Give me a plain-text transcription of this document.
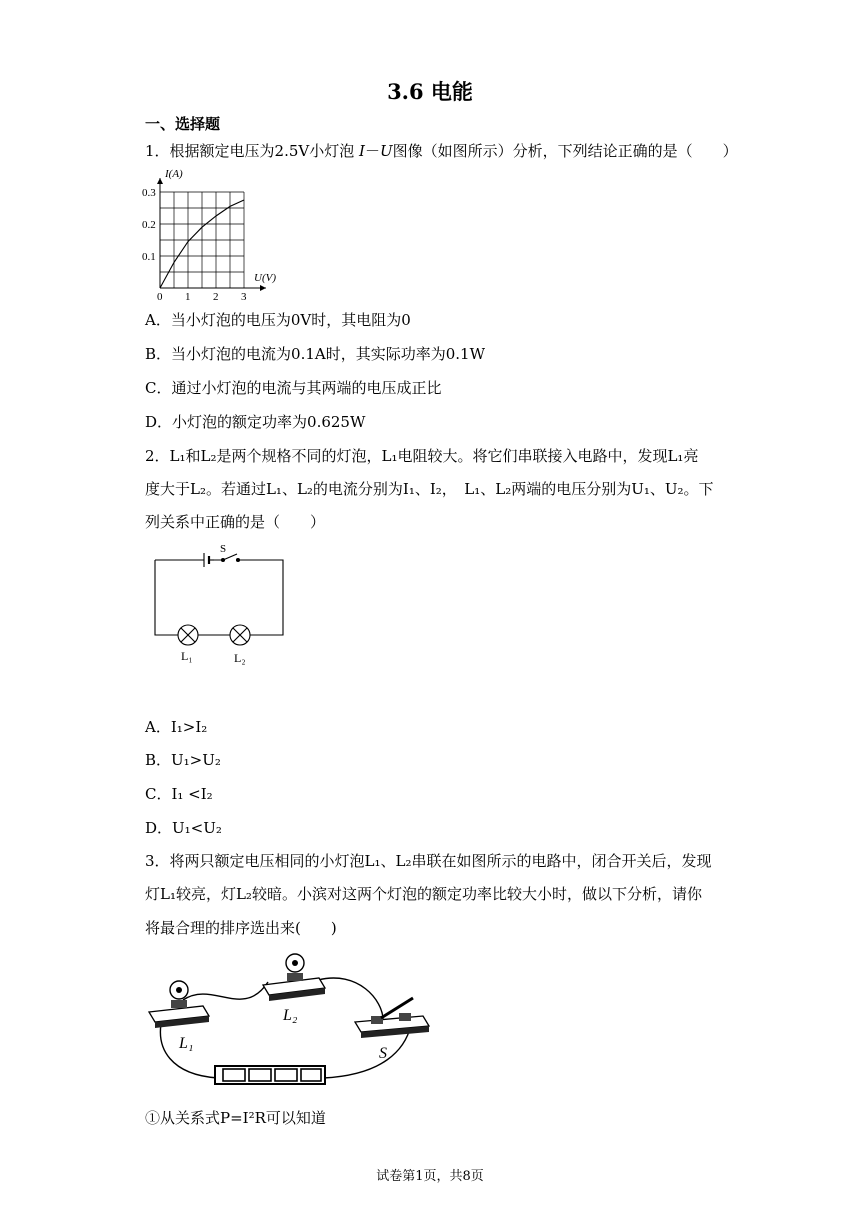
3.6 电能
一、选择题
1．根据额定电压为2.5V小灯泡 I－U图像（如图所示）分析，下列结论正确的是（　　）
0 1 2 3
0.1
0.2
0.3
I(A)
U(V)
A．当小灯泡的电压为0V时，其电阻为0
B．当小灯泡的电流为0.1A时，其实际功率为0.1W
C．通过小灯泡的电流与其两端的电压成正比
D．小灯泡的额定功率为0.625W
2．L₁和L₂是两个规格不同的灯泡，L₁电阻较大。将它们串联接入电路中，发现L₁亮
度大于L₂。若通过L₁、L₂的电流分别为I₁、I₂，　L₁、L₂两端的电压分别为U₁、U₂。下
列关系中正确的是（　　）
S
L₁	L₂
A．I₁>I₂
B．U₁>U₂
C．I₁ <I₂
D．U₁<U₂
3．将两只额定电压相同的小灯泡L₁、L₂串联在如图所示的电路中，闭合开关后，发现
灯L₁较亮，灯L₂较暗。小滨对这两个灯泡的额定功率比较大小时，做以下分析，请你
将最合理的排序选出来(　　)
L₁
L₂
S
①从关系式P=I²R可以知道
试卷第1页，共8页
